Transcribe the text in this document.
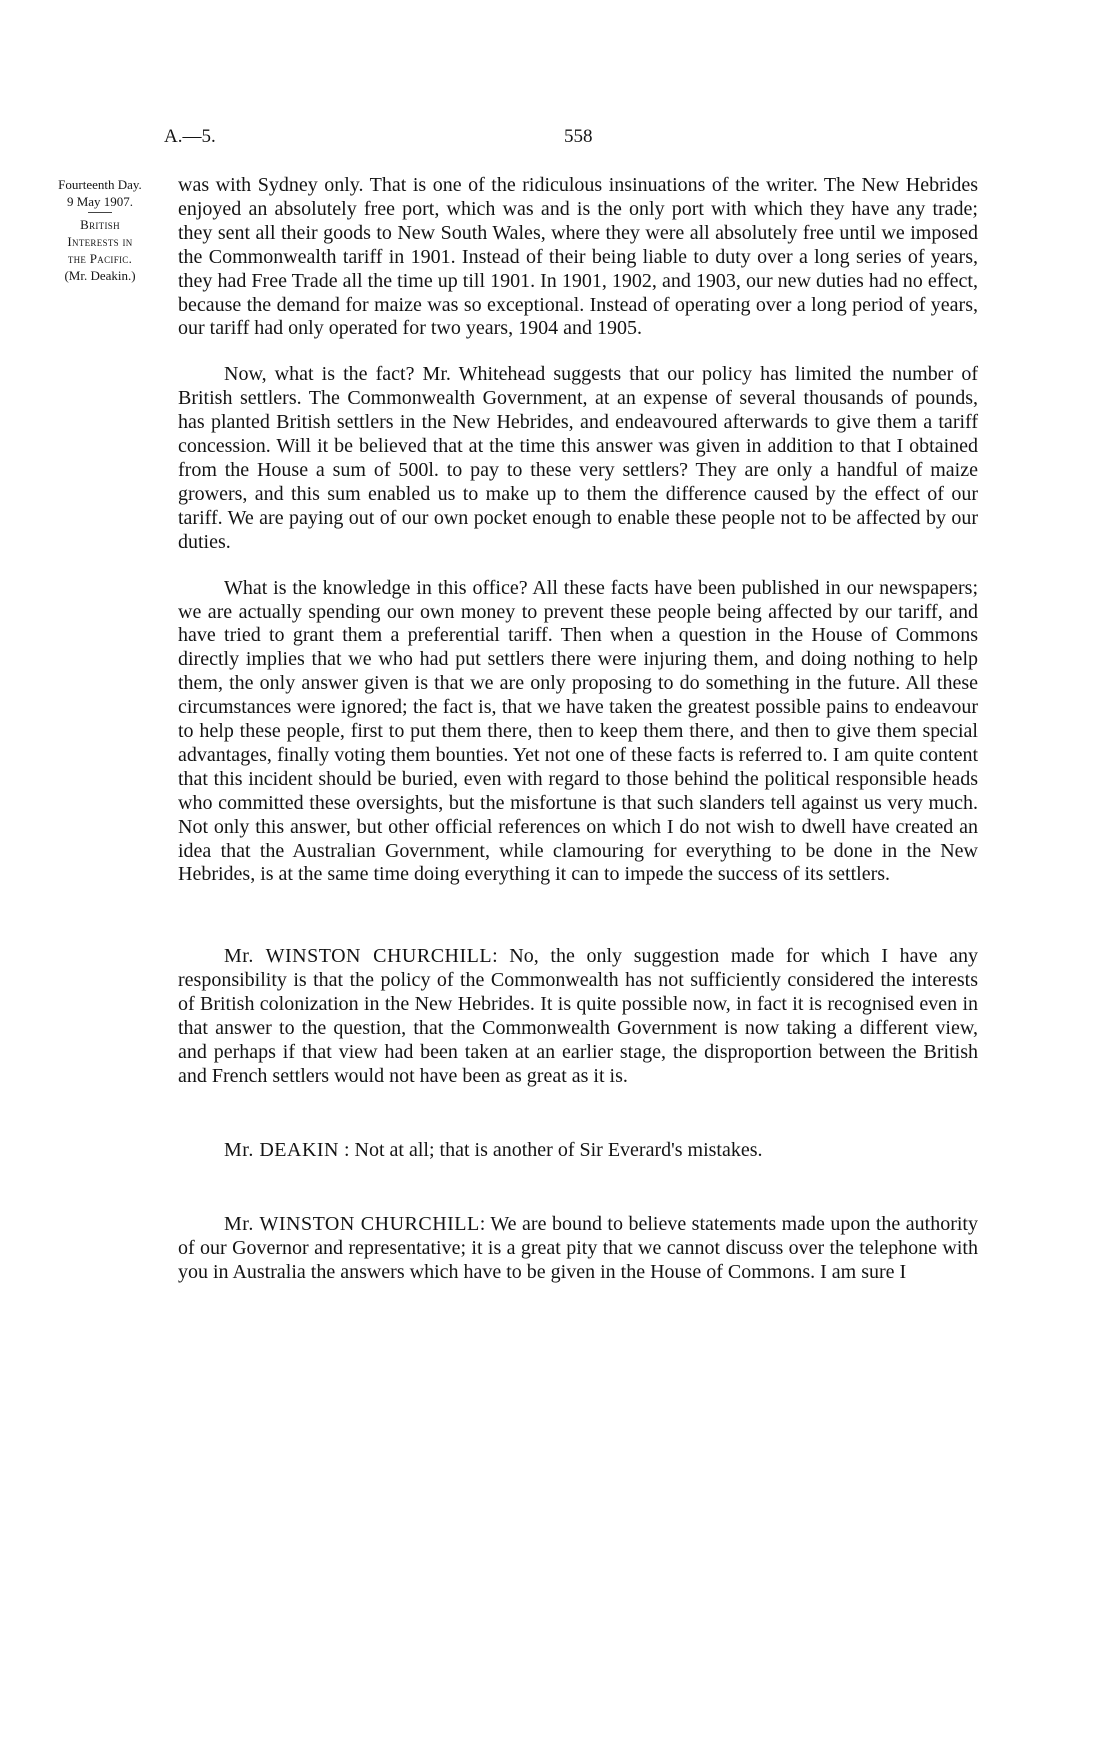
A.—5.	558
Fourteenth Day.
9 May 1907.
British
Interests in
the Pacific.
(Mr. Deakin.)

was with Sydney only. That is one of the ridiculous insinuations of the writer. The New Hebrides enjoyed an absolutely free port, which was and is the only port with which they have any trade; they sent all their goods to New South Wales, where they were all absolutely free until we imposed the Commonwealth tariff in 1901. Instead of their being liable to duty over a long series of years, they had Free Trade all the time up till 1901. In 1901, 1902, and 1903, our new duties had no effect, because the demand for maize was so exceptional. Instead of operating over a long period of years, our tariff had only operated for two years, 1904 and 1905.

Now, what is the fact? Mr. Whitehead suggests that our policy has limited the number of British settlers. The Commonwealth Government, at an expense of several thousands of pounds, has planted British settlers in the New Hebrides, and endeavoured afterwards to give them a tariff concession. Will it be believed that at the time this answer was given in addition to that I obtained from the House a sum of 500l. to pay to these very settlers? They are only a handful of maize growers, and this sum enabled us to make up to them the difference caused by the effect of our tariff. We are paying out of our own pocket enough to enable these people not to be affected by our duties.

What is the knowledge in this office? All these facts have been published in our newspapers; we are actually spending our own money to prevent these people being affected by our tariff, and have tried to grant them a preferential tariff. Then when a question in the House of Commons directly implies that we who had put settlers there were injuring them, and doing nothing to help them, the only answer given is that we are only proposing to do something in the future. All these circumstances were ignored; the fact is, that we have taken the greatest possible pains to endeavour to help these people, first to put them there, then to keep them there, and then to give them special advantages, finally voting them bounties. Yet not one of these facts is referred to. I am quite content that this incident should be buried, even with regard to those behind the political responsible heads who committed these oversights, but the misfortune is that such slanders tell against us very much. Not only this answer, but other official references on which I do not wish to dwell have created an idea that the Australian Government, while clamouring for everything to be done in the New Hebrides, is at the same time doing everything it can to impede the success of its settlers.

Mr. WINSTON CHURCHILL: No, the only suggestion made for which I have any responsibility is that the policy of the Commonwealth has not sufficiently considered the interests of British colonization in the New Hebrides. It is quite possible now, in fact it is recognised even in that answer to the question, that the Commonwealth Government is now taking a different view, and perhaps if that view had been taken at an earlier stage, the disproportion between the British and French settlers would not have been as great as it is.

Mr. DEAKIN : Not at all; that is another of Sir Everard's mistakes.

Mr. WINSTON CHURCHILL: We are bound to believe statements made upon the authority of our Governor and representative; it is a great pity that we cannot discuss over the telephone with you in Australia the answers which have to be given in the House of Commons. I am sure I
